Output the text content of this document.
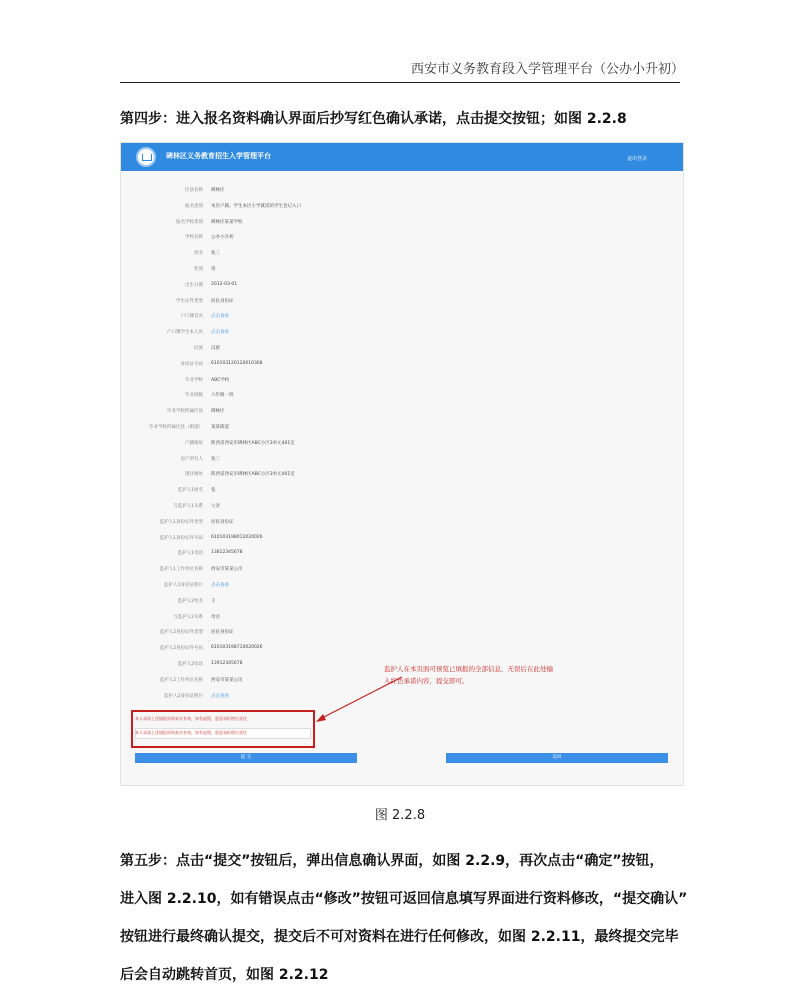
西安市义务教育段入学管理平台（公办小升初）
第四步：进入报名资料确认界面后抄写红色确认承诺，点击提交按钮；如图 2.2.8
碑林区义务教育招生入学管理平台	退出登录
区县名称 碑林区
报名类别 本区户籍、学生本区小学就读的学生登记入口
报名学校类别 碑林区某某学校
学校名称 公办小升初
姓名 张三
性别 男
出生日期 2012-03-01
学生证件类型 居民身份证
户口簿首页 点击查看
户口簿学生本人页 点击查看
民族 汉族
身份证号码 610103120120010308
毕业学校 ABC学校
毕业班级 六年级一班
毕业学校所属区县 碑林区
毕业学校所属区县（街道） 某某街道
户籍地址 陕西省西安市碑林区ABC小区3单元401室
房产所有人 张三
现住地址 陕西省西安市碑林区ABC小区3单元401室
监护人1姓名 张
与监护人1关系 父亲
监护人1身份证件类型 居民身份证
监护人1身份证件号码 610103198012020026
监护人1电话 13812345678
监护人1工作单位名称 西安市某某公司
监护人1身份证照片 点击查看
监护人2姓名 王
与监护人2关系 母亲
监护人2身份证件类型 居民身份证
监护人2身份证件号码 610103198710020026
监护人2电话 13912345678
监护人2工作单位名称 西安市某某公司
监护人2身份证照片 点击查看
监护人在本页面可预览已填报的全部信息，无误后在此处输入红色承诺内容，提交即可。
本人承诺上述填报资料真实有效，如有虚假，愿意承担相应责任
本人承诺上述填报资料真实有效，如有虚假，愿意承担相应责任
提 交	返回
图 2.2.8
第五步：点击“提交”按钮后，弹出信息确认界面，如图 2.2.9，再次点击“确定”按钮，
进入图 2.2.10，如有错误点击“修改”按钮可返回信息填写界面进行资料修改，“提交确认”
按钮进行最终确认提交，提交后不可对资料在进行任何修改，如图 2.2.11，最终提交完毕
后会自动跳转首页，如图 2.2.12
